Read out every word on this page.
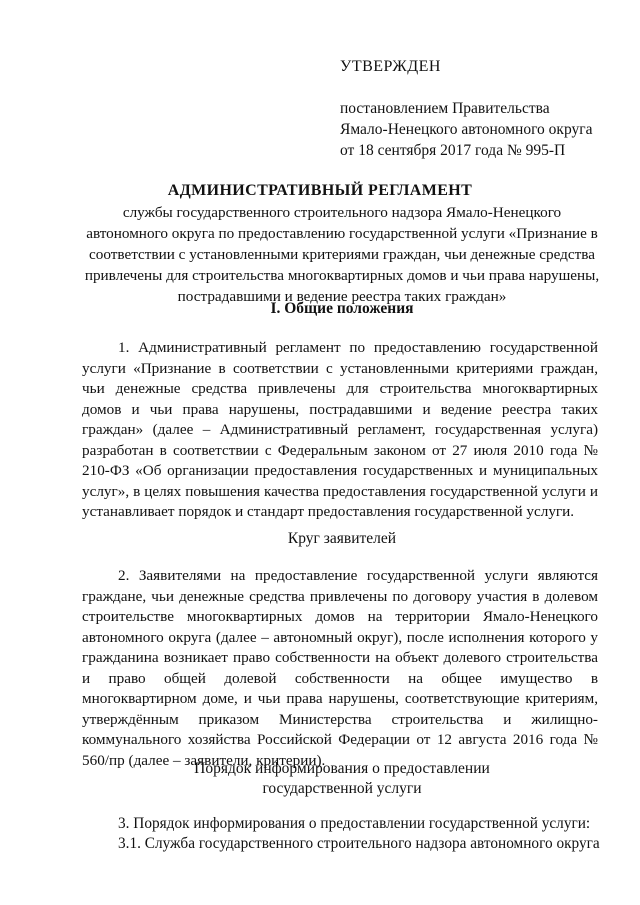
УТВЕРЖДЕН
постановлением Правительства
Ямало-Ненецкого автономного округа
от 18 сентября 2017 года № 995-П
АДМИНИСТРАТИВНЫЙ РЕГЛАМЕНТ
службы государственного строительного надзора Ямало-Ненецкого автономного округа по предоставлению государственной услуги «Признание в соответствии с установленными критериями граждан, чьи денежные средства привлечены для строительства многоквартирных домов и чьи права нарушены, пострадавшими и ведение реестра таких граждан»
I. Общие положения
1. Административный регламент по предоставлению государственной услуги «Признание в соответствии с установленными критериями граждан, чьи денежные средства привлечены для строительства многоквартирных домов и чьи права нарушены, пострадавшими и ведение реестра таких граждан» (далее – Административный регламент, государственная услуга) разработан в соответствии с Федеральным законом от 27 июля 2010 года № 210-ФЗ «Об организации предоставления государственных и муниципальных услуг», в целях повышения качества предоставления государственной услуги и устанавливает порядок и стандарт предоставления государственной услуги.
Круг заявителей
2. Заявителями на предоставление государственной услуги являются граждане, чьи денежные средства привлечены по договору участия в долевом строительстве многоквартирных домов на территории Ямало-Ненецкого автономного округа (далее – автономный округ), после исполнения которого у гражданина возникает право собственности на объект долевого строительства и право общей долевой собственности на общее имущество в многоквартирном доме, и чьи права нарушены, соответствующие критериям, утверждённым приказом Министерства строительства и жилищно-коммунального хозяйства Российской Федерации от 12 августа 2016 года № 560/пр (далее – заявители, критерии).
Порядок информирования о предоставлении
государственной услуги
3. Порядок информирования о предоставлении государственной услуги:
3.1. Служба государственного строительного надзора автономного округа
